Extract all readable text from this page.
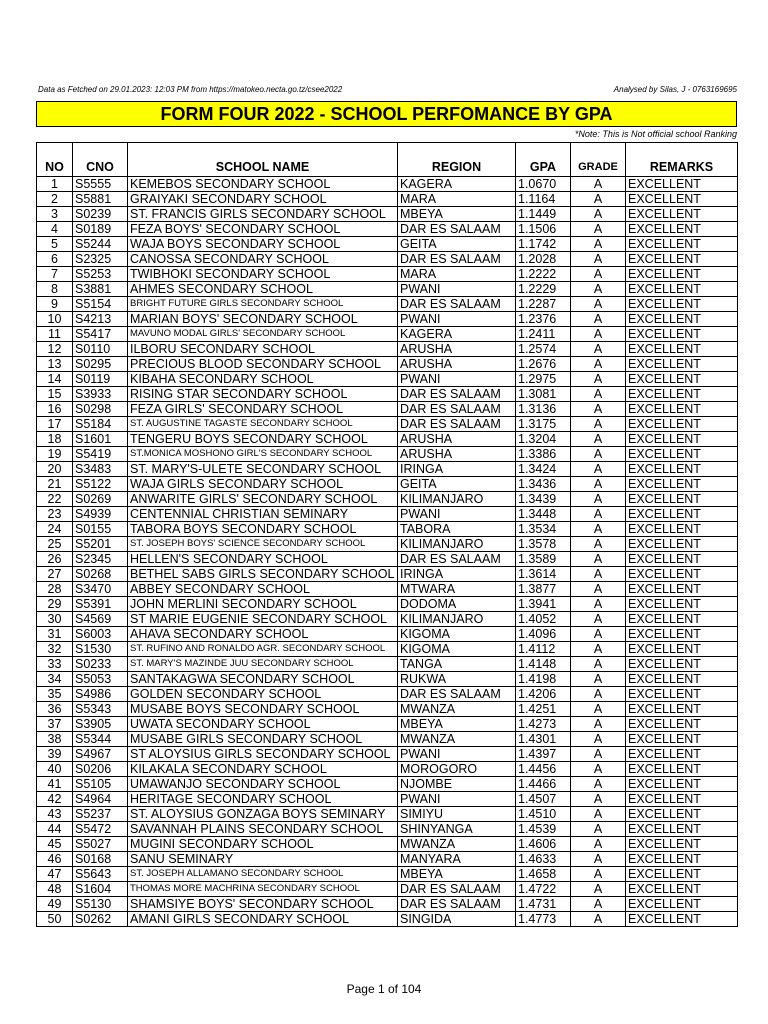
Data as Fetched on 29.01.2023: 12:03 PM from https://matokeo.necta.go.tz/csee2022	Analysed by Silas, J - 0763169695
FORM FOUR 2022 - SCHOOL PERFOMANCE BY GPA
*Note: This is Not official school Ranking
NO	CNO	SCHOOL NAME	REGION	GPA	GRADE	REMARKS
1	S5555	KEMEBOS SECONDARY SCHOOL	KAGERA	1.0670	A	EXCELLENT
2	S5881	GRAIYAKI SECONDARY SCHOOL	MARA	1.1164	A	EXCELLENT
3	S0239	ST. FRANCIS GIRLS SECONDARY SCHOOL	MBEYA	1.1449	A	EXCELLENT
4	S0189	FEZA BOYS' SECONDARY SCHOOL	DAR ES SALAAM	1.1506	A	EXCELLENT
5	S5244	WAJA BOYS SECONDARY SCHOOL	GEITA	1.1742	A	EXCELLENT
6	S2325	CANOSSA SECONDARY SCHOOL	DAR ES SALAAM	1.2028	A	EXCELLENT
7	S5253	TWIBHOKI SECONDARY SCHOOL	MARA	1.2222	A	EXCELLENT
8	S3881	AHMES SECONDARY SCHOOL	PWANI	1.2229	A	EXCELLENT
9	S5154	BRIGHT FUTURE GIRLS SECONDARY SCHOOL	DAR ES SALAAM	1.2287	A	EXCELLENT
10	S4213	MARIAN BOYS' SECONDARY SCHOOL	PWANI	1.2376	A	EXCELLENT
11	S5417	MAVUNO MODAL GIRLS' SECONDARY SCHOOL	KAGERA	1.2411	A	EXCELLENT
12	S0110	ILBORU SECONDARY SCHOOL	ARUSHA	1.2574	A	EXCELLENT
13	S0295	PRECIOUS BLOOD SECONDARY SCHOOL	ARUSHA	1.2676	A	EXCELLENT
14	S0119	KIBAHA SECONDARY SCHOOL	PWANI	1.2975	A	EXCELLENT
15	S3933	RISING STAR SECONDARY SCHOOL	DAR ES SALAAM	1.3081	A	EXCELLENT
16	S0298	FEZA GIRLS' SECONDARY SCHOOL	DAR ES SALAAM	1.3136	A	EXCELLENT
17	S5184	ST. AUGUSTINE TAGASTE SECONDARY SCHOOL	DAR ES SALAAM	1.3175	A	EXCELLENT
18	S1601	TENGERU BOYS SECONDARY SCHOOL	ARUSHA	1.3204	A	EXCELLENT
19	S5419	ST.MONICA MOSHONO GIRL'S SECONDARY SCHOOL	ARUSHA	1.3386	A	EXCELLENT
20	S3483	ST. MARY'S-ULETE SECONDARY SCHOOL	IRINGA	1.3424	A	EXCELLENT
21	S5122	WAJA GIRLS SECONDARY SCHOOL	GEITA	1.3436	A	EXCELLENT
22	S0269	ANWARITE GIRLS' SECONDARY SCHOOL	KILIMANJARO	1.3439	A	EXCELLENT
23	S4939	CENTENNIAL CHRISTIAN SEMINARY	PWANI	1.3448	A	EXCELLENT
24	S0155	TABORA BOYS SECONDARY SCHOOL	TABORA	1.3534	A	EXCELLENT
25	S5201	ST. JOSEPH BOYS' SCIENCE SECONDARY SCHOOL	KILIMANJARO	1.3578	A	EXCELLENT
26	S2345	HELLEN'S SECONDARY SCHOOL	DAR ES SALAAM	1.3589	A	EXCELLENT
27	S0268	BETHEL SABS GIRLS SECONDARY SCHOOL	IRINGA	1.3614	A	EXCELLENT
28	S3470	ABBEY SECONDARY SCHOOL	MTWARA	1.3877	A	EXCELLENT
29	S5391	JOHN MERLINI SECONDARY SCHOOL	DODOMA	1.3941	A	EXCELLENT
30	S4569	ST MARIE EUGENIE SECONDARY SCHOOL	KILIMANJARO	1.4052	A	EXCELLENT
31	S6003	AHAVA SECONDARY SCHOOL	KIGOMA	1.4096	A	EXCELLENT
32	S1530	ST. RUFINO AND RONALDO AGR. SECONDARY SCHOOL	KIGOMA	1.4112	A	EXCELLENT
33	S0233	ST. MARY'S MAZINDE JUU SECONDARY SCHOOL	TANGA	1.4148	A	EXCELLENT
34	S5053	SANTAKAGWA SECONDARY SCHOOL	RUKWA	1.4198	A	EXCELLENT
35	S4986	GOLDEN SECONDARY SCHOOL	DAR ES SALAAM	1.4206	A	EXCELLENT
36	S5343	MUSABE BOYS SECONDARY SCHOOL	MWANZA	1.4251	A	EXCELLENT
37	S3905	UWATA SECONDARY SCHOOL	MBEYA	1.4273	A	EXCELLENT
38	S5344	MUSABE GIRLS SECONDARY SCHOOL	MWANZA	1.4301	A	EXCELLENT
39	S4967	ST ALOYSIUS GIRLS SECONDARY SCHOOL	PWANI	1.4397	A	EXCELLENT
40	S0206	KILAKALA SECONDARY SCHOOL	MOROGORO	1.4456	A	EXCELLENT
41	S5105	UMAWANJO SECONDARY SCHOOL	NJOMBE	1.4466	A	EXCELLENT
42	S4964	HERITAGE SECONDARY SCHOOL	PWANI	1.4507	A	EXCELLENT
43	S5237	ST. ALOYSIUS GONZAGA BOYS SEMINARY	SIMIYU	1.4510	A	EXCELLENT
44	S5472	SAVANNAH PLAINS SECONDARY SCHOOL	SHINYANGA	1.4539	A	EXCELLENT
45	S5027	MUGINI SECONDARY SCHOOL	MWANZA	1.4606	A	EXCELLENT
46	S0168	SANU SEMINARY	MANYARA	1.4633	A	EXCELLENT
47	S5643	ST. JOSEPH ALLAMANO SECONDARY SCHOOL	MBEYA	1.4658	A	EXCELLENT
48	S1604	THOMAS MORE MACHRINA SECONDARY SCHOOL	DAR ES SALAAM	1.4722	A	EXCELLENT
49	S5130	SHAMSIYE BOYS' SECONDARY SCHOOL	DAR ES SALAAM	1.4731	A	EXCELLENT
50	S0262	AMANI GIRLS SECONDARY SCHOOL	SINGIDA	1.4773	A	EXCELLENT
Page 1 of 104
